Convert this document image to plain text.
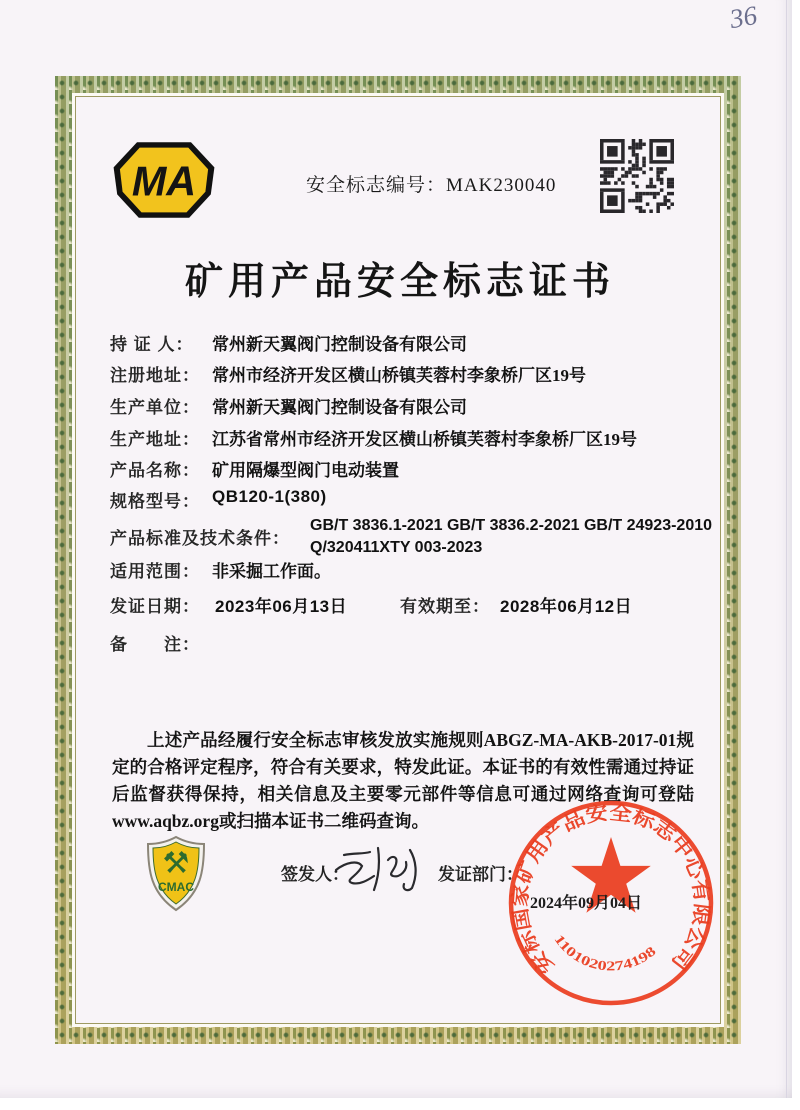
MA	安全标志编号：MAK230040
矿用产品安全标志证书
持 证 人： 常州新天翼阀门控制设备有限公司
注册地址： 常州市经济开发区横山桥镇芙蓉村李象桥厂区19号
生产单位： 常州新天翼阀门控制设备有限公司
生产地址： 江苏省常州市经济开发区横山桥镇芙蓉村李象桥厂区19号
产品名称： 矿用隔爆型阀门电动装置
规格型号： QB120-1(380)
产品标准及技术条件：
GB/T 3836.1-2021 GB/T 3836.2-2021 GB/T 24923-2010 Q/320411XTY 003-2023
适用范围： 非采掘工作面。
发证日期： 2023年06月13日	有效期至： 2028年06月12日
备　　注：
上述产品经履行安全标志审核发放实施规则ABGZ-MA-AKB-2017-01规定的合格评定程序，符合有关要求，特发此证。本证书的有效性需通过持证后监督获得保持，相关信息及主要零元部件等信息可通过网络查询可登陆www.aqbz.org或扫描本证书二维码查询。
⚒
CMAC
签发人：	发证部门：
安标国家矿用产品安全标志中心有限公司
2024年09月04日
1101020274198
36
